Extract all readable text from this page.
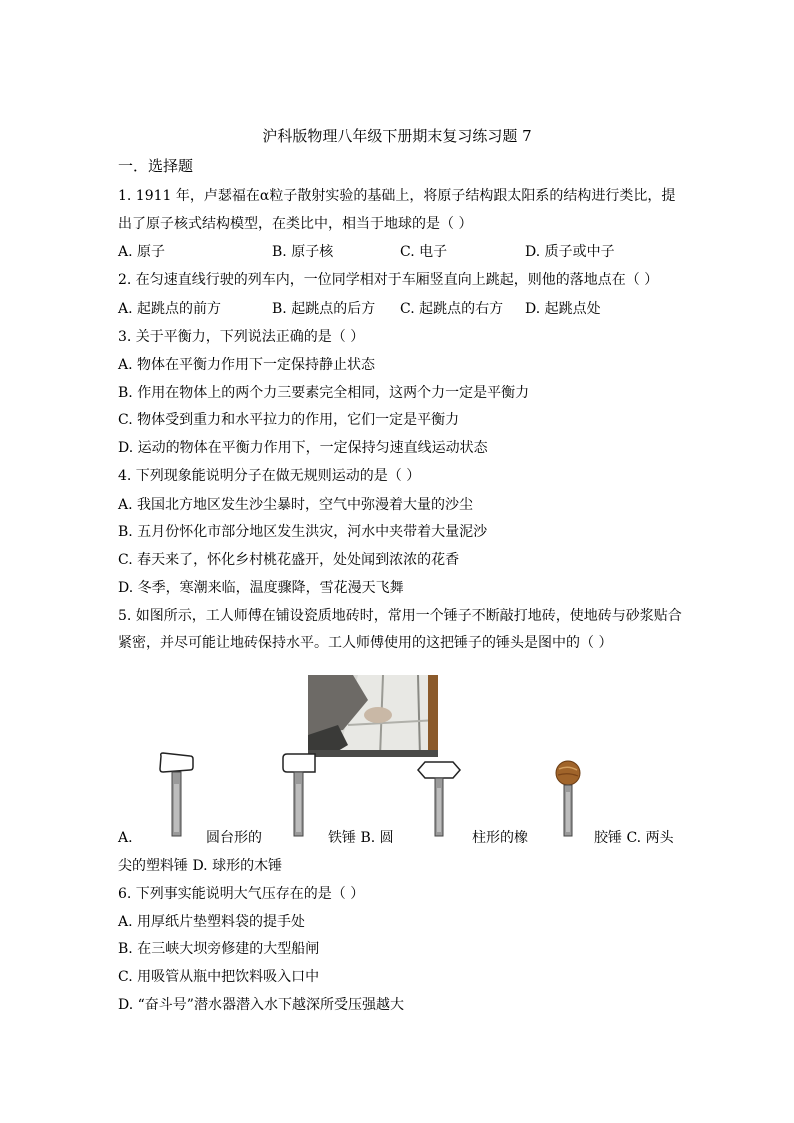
沪科版物理八年级下册期末复习练习题 7
一．选择题
1. 1911 年，卢瑟福在α粒子散射实验的基础上，将原子结构跟太阳系的结构进行类比，提
出了原子核式结构模型，在类比中，相当于地球的是（ ）
A. 原子	B. 原子核	C. 电子	D. 质子或中子
2. 在匀速直线行驶的列车内，一位同学相对于车厢竖直向上跳起，则他的落地点在（ ）
A. 起跳点的前方	B. 起跳点的后方 C. 起跳点的右方 D. 起跳点处
3. 关于平衡力，下列说法正确的是（ ）
A. 物体在平衡力作用下一定保持静止状态
B. 作用在物体上的两个力三要素完全相同，这两个力一定是平衡力
C. 物体受到重力和水平拉力的作用，它们一定是平衡力
D. 运动的物体在平衡力作用下，一定保持匀速直线运动状态
4. 下列现象能说明分子在做无规则运动的是（ ）
A. 我国北方地区发生沙尘暴时，空气中弥漫着大量的沙尘
B. 五月份怀化市部分地区发生洪灾，河水中夹带着大量泥沙
C. 春天来了，怀化乡村桃花盛开，处处闻到浓浓的花香
D. 冬季，寒潮来临，温度骤降，雪花漫天飞舞
5. 如图所示，工人师傅在铺设瓷质地砖时，常用一个锤子不断敲打地砖，使地砖与砂浆贴合
紧密，并尽可能让地砖保持水平。工人师傅使用的这把锤子的锤头是图中的（ ）
A.	圆台形的	铁锤 B. 圆	柱形的橡	胶锤 C. 两头
尖的塑料锤 D. 球形的木锤
6. 下列事实能说明大气压存在的是（ ）
A. 用厚纸片垫塑料袋的提手处
B. 在三峡大坝旁修建的大型船闸
C. 用吸管从瓶中把饮料吸入口中
D. “奋斗号”潜水器潜入水下越深所受压强越大
